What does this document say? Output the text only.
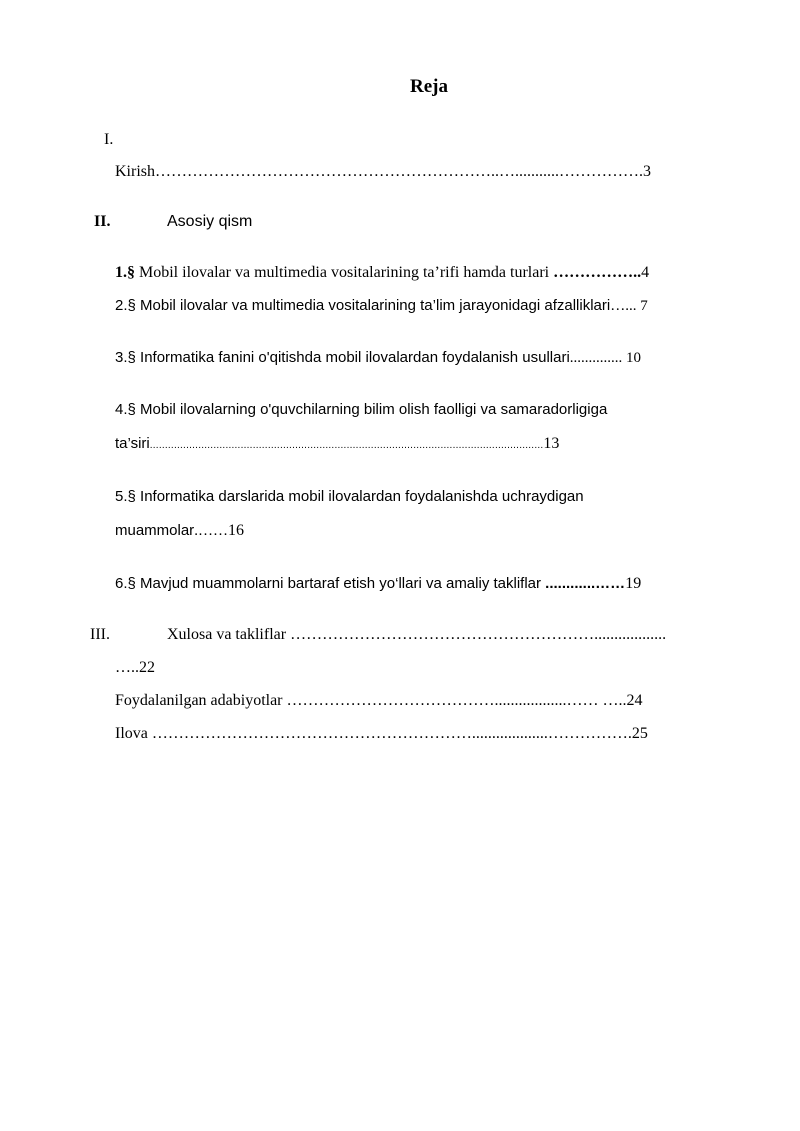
Reja
I.
Kirish………………………………………………………..…...........…………….3
II.	Asosiy qism
1.§ Mobil ilovalar va multimedia vositalarining ta’rifi hamda turlari ……………..4
2.§ Mobil ilovalar va multimedia vositalarining ta’lim jarayonidagi afzalliklari…... 7
3.§ Informatika fanini o'qitishda mobil ilovalardan foydalanish usullari.............. 10
4.§ Mobil ilovalarning o'quvchilarning bilim olish faolligi va samaradorligiga
ta’siri..................................................................................................................................13
5.§ Informatika darslarida mobil ilovalardan foydalanishda uchraydigan
muammolar.……16
6.§ Mavjud muammolarni bartaraf etish yo‘llari va amaliy takliflar ............……19
III.	Xulosa va takliflar …………………………………………………..................
…..22
Foydalanilgan adabiyotlar …………………………………..................…… …..24
Ilova ……………………………………………………...................…………….25
